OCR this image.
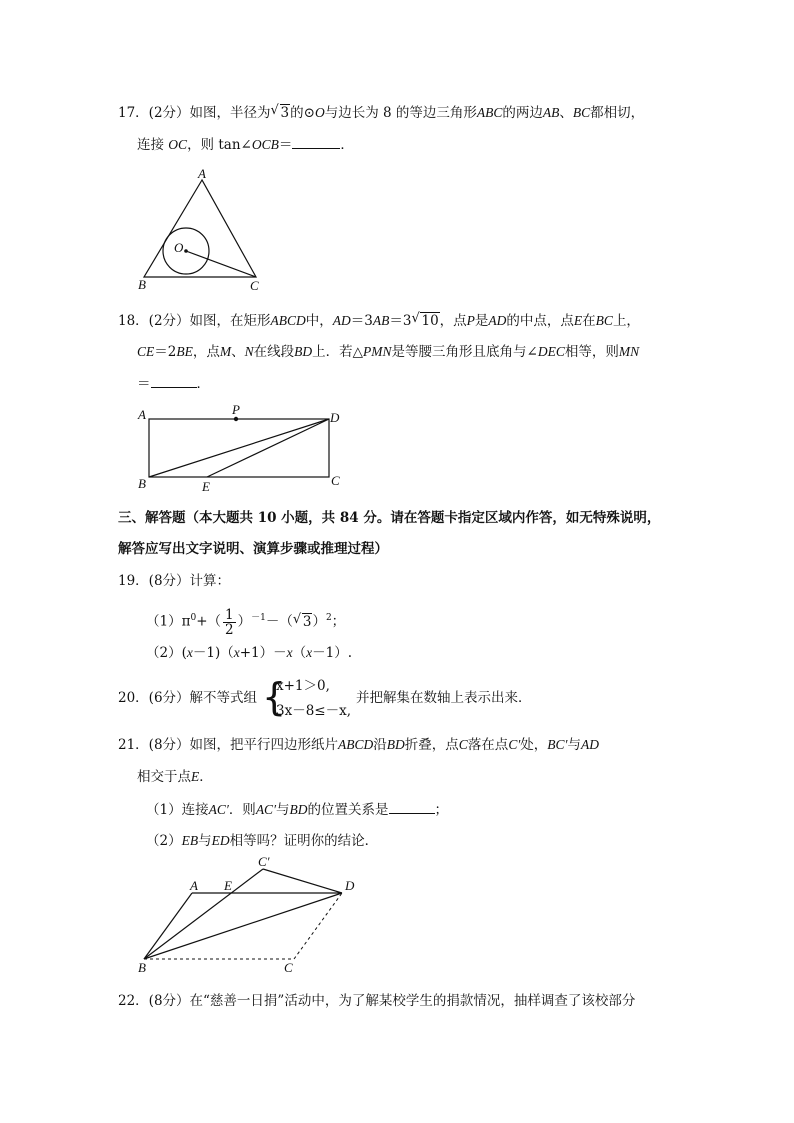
17．(2分）如图，半径为 √ 3的⊙O与边长为 8 的等边三角形ABC的两边AB、BC都相切，
连接 OC，则 tan∠OCB＝	．
A
B	C
O
18．(2分）如图，在矩形ABCD中，AD＝3AB＝3 √ 10，点P是AD的中点，点E在BC上，
CE＝2BE，点M、N在线段BD上．若△PMN是等腰三角形且底角与∠DEC相等，则MN
＝	．
A	P
D
B	E	C
三、解答题（本大题共 10 小题，共 84 分。请在答题卡指定区域内作答，如无特殊说明，
解答应写出文字说明、演算步骤或推理过程）
19．(8分）计算：
$(1)\pi^0+( \frac{1}{2} )^{-1}-$（ √ 3）$^2$；
（2）(x－1)（x+1）－x（x－1）.
20．(6分）解不等式组 {
x+1＞0,
3x－8≤－x,
并把解集在数轴上表示出来．
21．(8分）如图，把平行四边形纸片ABCD沿BD折叠，点C落在点C′处，BC′与AD
相交于点E．
（1）连接AC′．则AC′与BD的位置关系是	；
（2）EB与ED相等吗？证明你的结论．
C′
A E	D
B	C
22．(8分）在“慈善一日捐”活动中，为了解某校学生的捐款情况，抽样调查了该校部分
